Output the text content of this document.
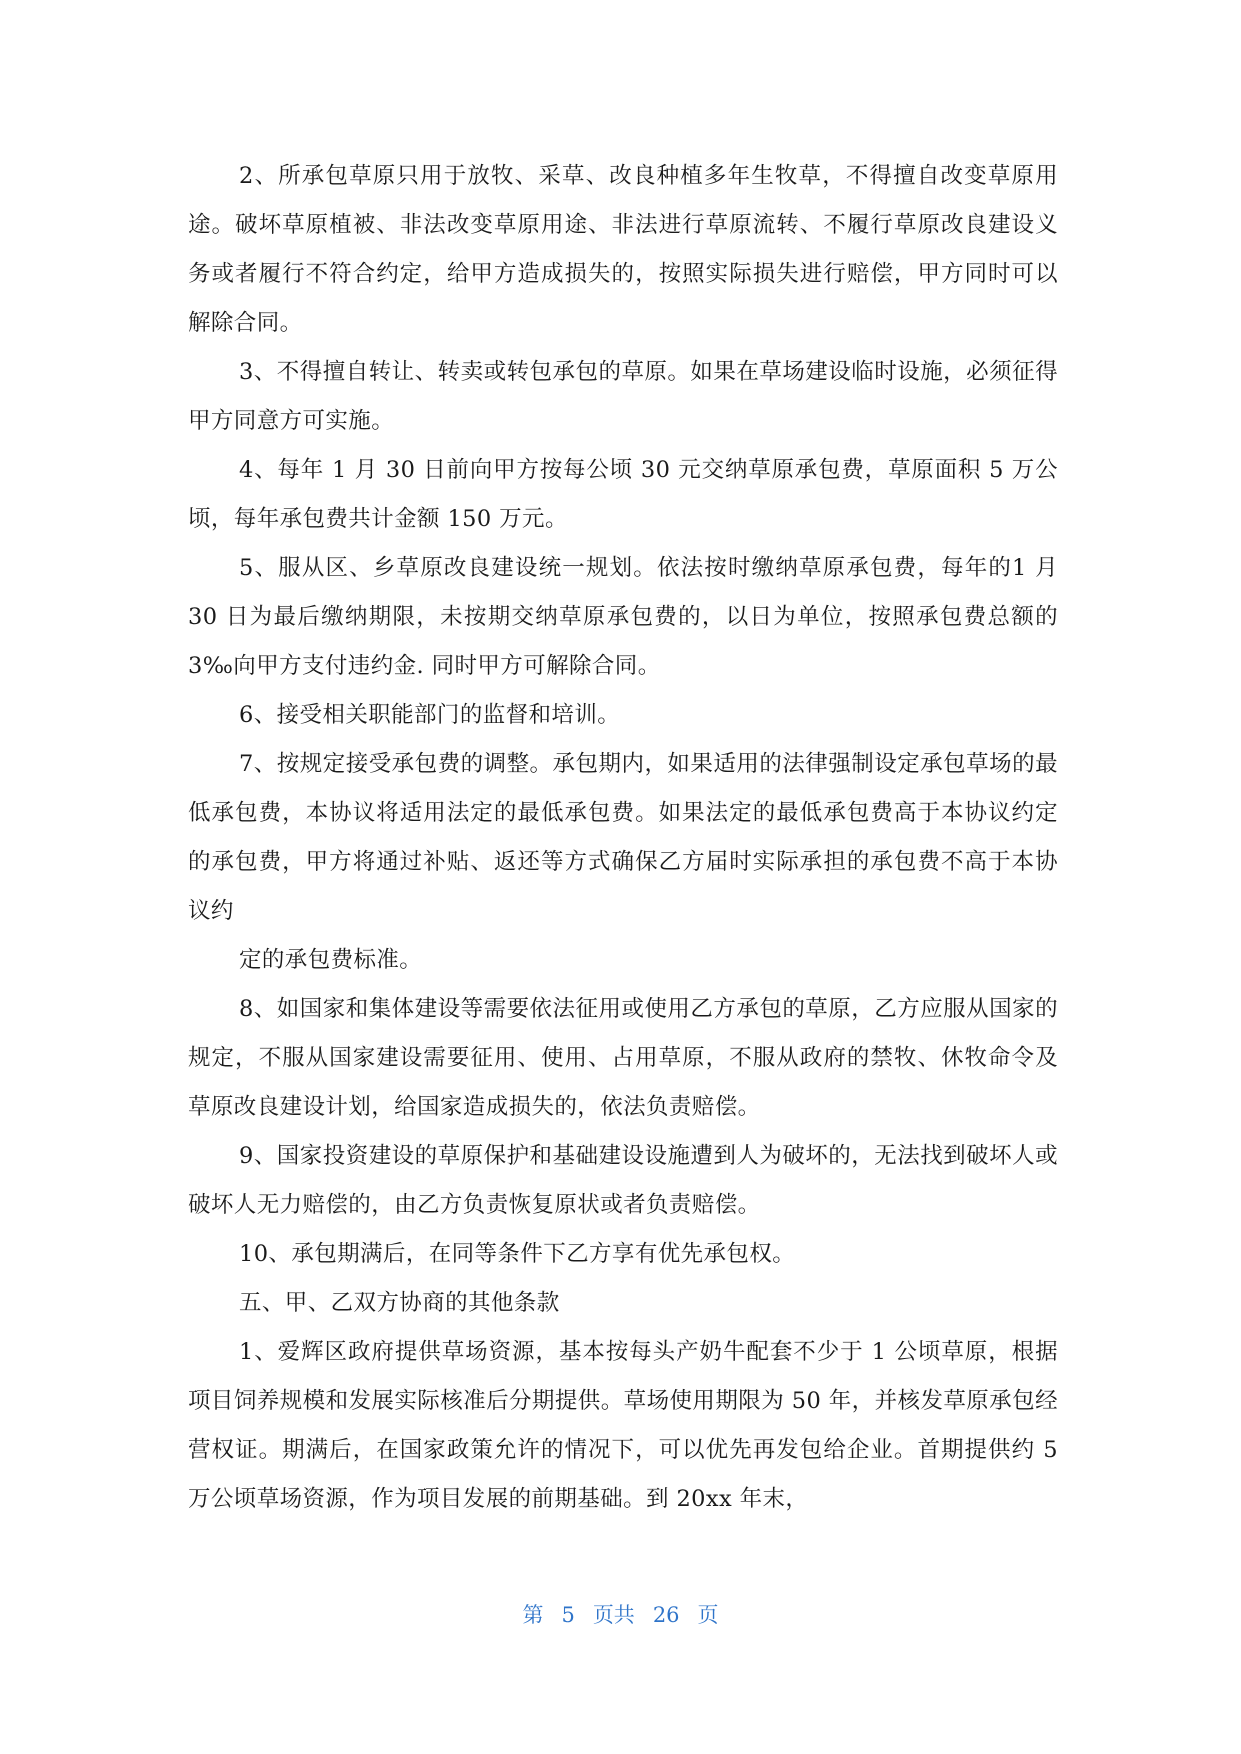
2、所承包草原只用于放牧、采草、改良种植多年生牧草，不得擅自改变草原用途。破坏草原植被、非法改变草原用途、非法进行草原流转、不履行草原改良建设义务或者履行不符合约定，给甲方造成损失的，按照实际损失进行赔偿，甲方同时可以解除合同。

3、不得擅自转让、转卖或转包承包的草原。如果在草场建设临时设施，必须征得甲方同意方可实施。

4、每年 1 月 30 日前向甲方按每公顷 30 元交纳草原承包费，草原面积 5 万公顷，每年承包费共计金额 150 万元。

5、服从区、乡草原改良建设统一规划。依法按时缴纳草原承包费，每年的1 月 30 日为最后缴纳期限，未按期交纳草原承包费的，以日为单位，按照承包费总额的 3‰向甲方支付违约金. 同时甲方可解除合同。

6、接受相关职能部门的监督和培训。

7、按规定接受承包费的调整。承包期内，如果适用的法律强制设定承包草场的最低承包费，本协议将适用法定的最低承包费。如果法定的最低承包费高于本协议约定的承包费，甲方将通过补贴、返还等方式确保乙方届时实际承担的承包费不高于本协议约

定的承包费标准。

8、如国家和集体建设等需要依法征用或使用乙方承包的草原，乙方应服从国家的规定，不服从国家建设需要征用、使用、占用草原，不服从政府的禁牧、休牧命令及草原改良建设计划，给国家造成损失的，依法负责赔偿。

9、国家投资建设的草原保护和基础建设设施遭到人为破坏的，无法找到破坏人或破坏人无力赔偿的，由乙方负责恢复原状或者负责赔偿。

10、承包期满后，在同等条件下乙方享有优先承包权。

五、甲、乙双方协商的其他条款

1、爱辉区政府提供草场资源，基本按每头产奶牛配套不少于 1 公顷草原，根据项目饲养规模和发展实际核准后分期提供。草场使用期限为 50 年，并核发草原承包经营权证。期满后，在国家政策允许的情况下，可以优先再发包给企业。首期提供约 5 万公顷草场资源，作为项目发展的前期基础。到 20xx 年末，

第 5 页共 26 页
